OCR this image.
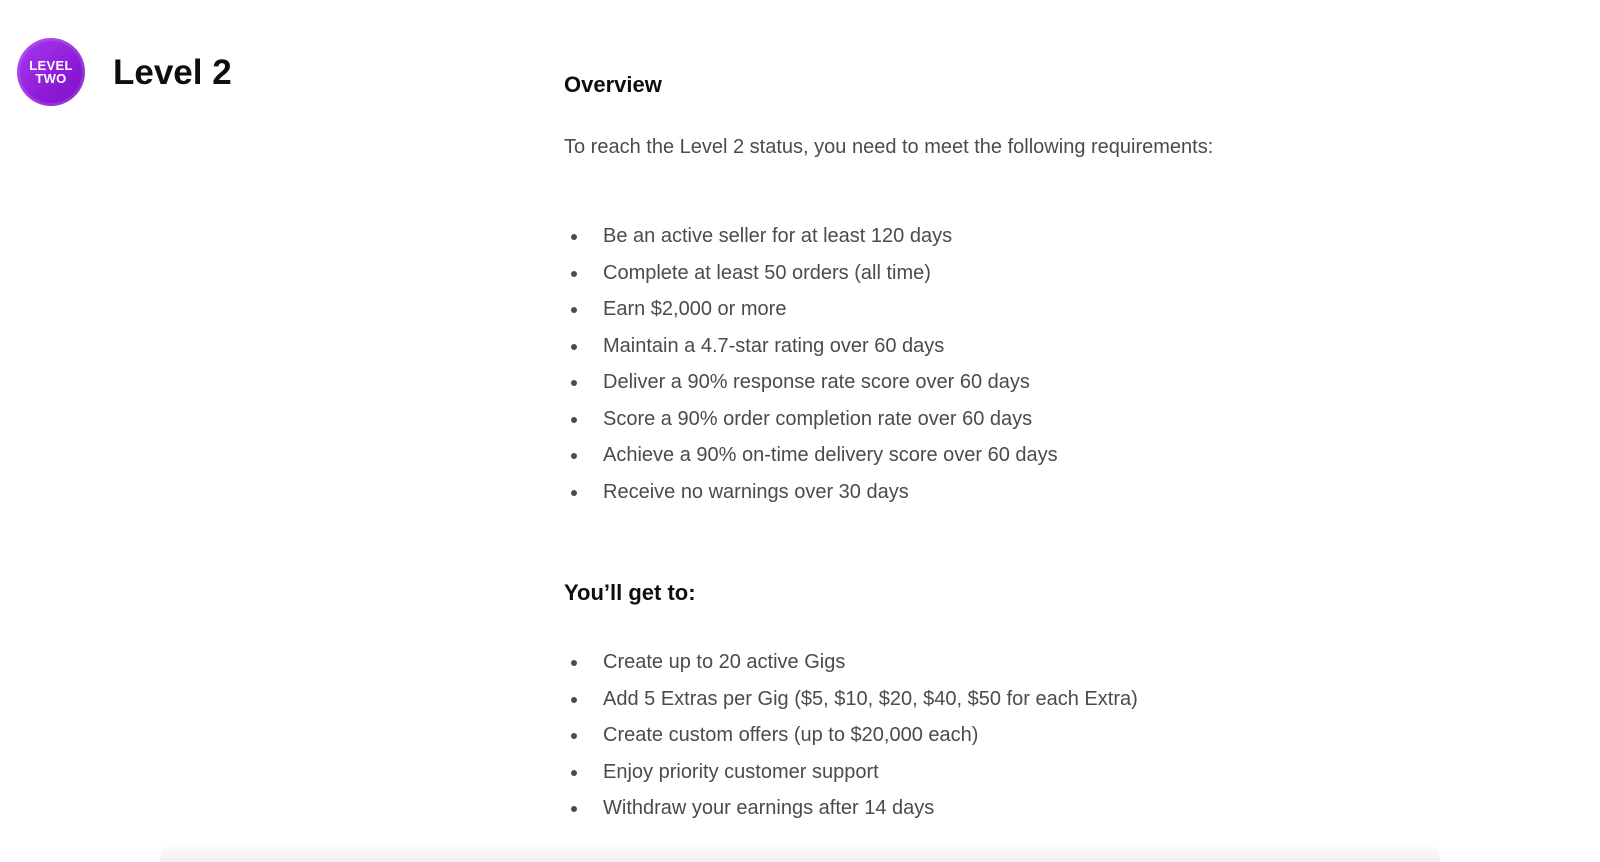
LEVEL
TWO Level 2	Overview

To reach the Level 2 status, you need to meet the following requirements:

Be an active seller for at least 120 days
Complete at least 50 orders (all time)
Earn $2,000 or more
Maintain a 4.7-star rating over 60 days
Deliver a 90% response rate score over 60 days
Score a 90% order completion rate over 60 days
Achieve a 90% on-time delivery score over 60 days
Receive no warnings over 30 days
You’ll get to:
Create up to 20 active Gigs
Add 5 Extras per Gig ($5, $10, $20, $40, $50 for each Extra)
Create custom offers (up to $20,000 each)
Enjoy priority customer support
Withdraw your earnings after 14 days
